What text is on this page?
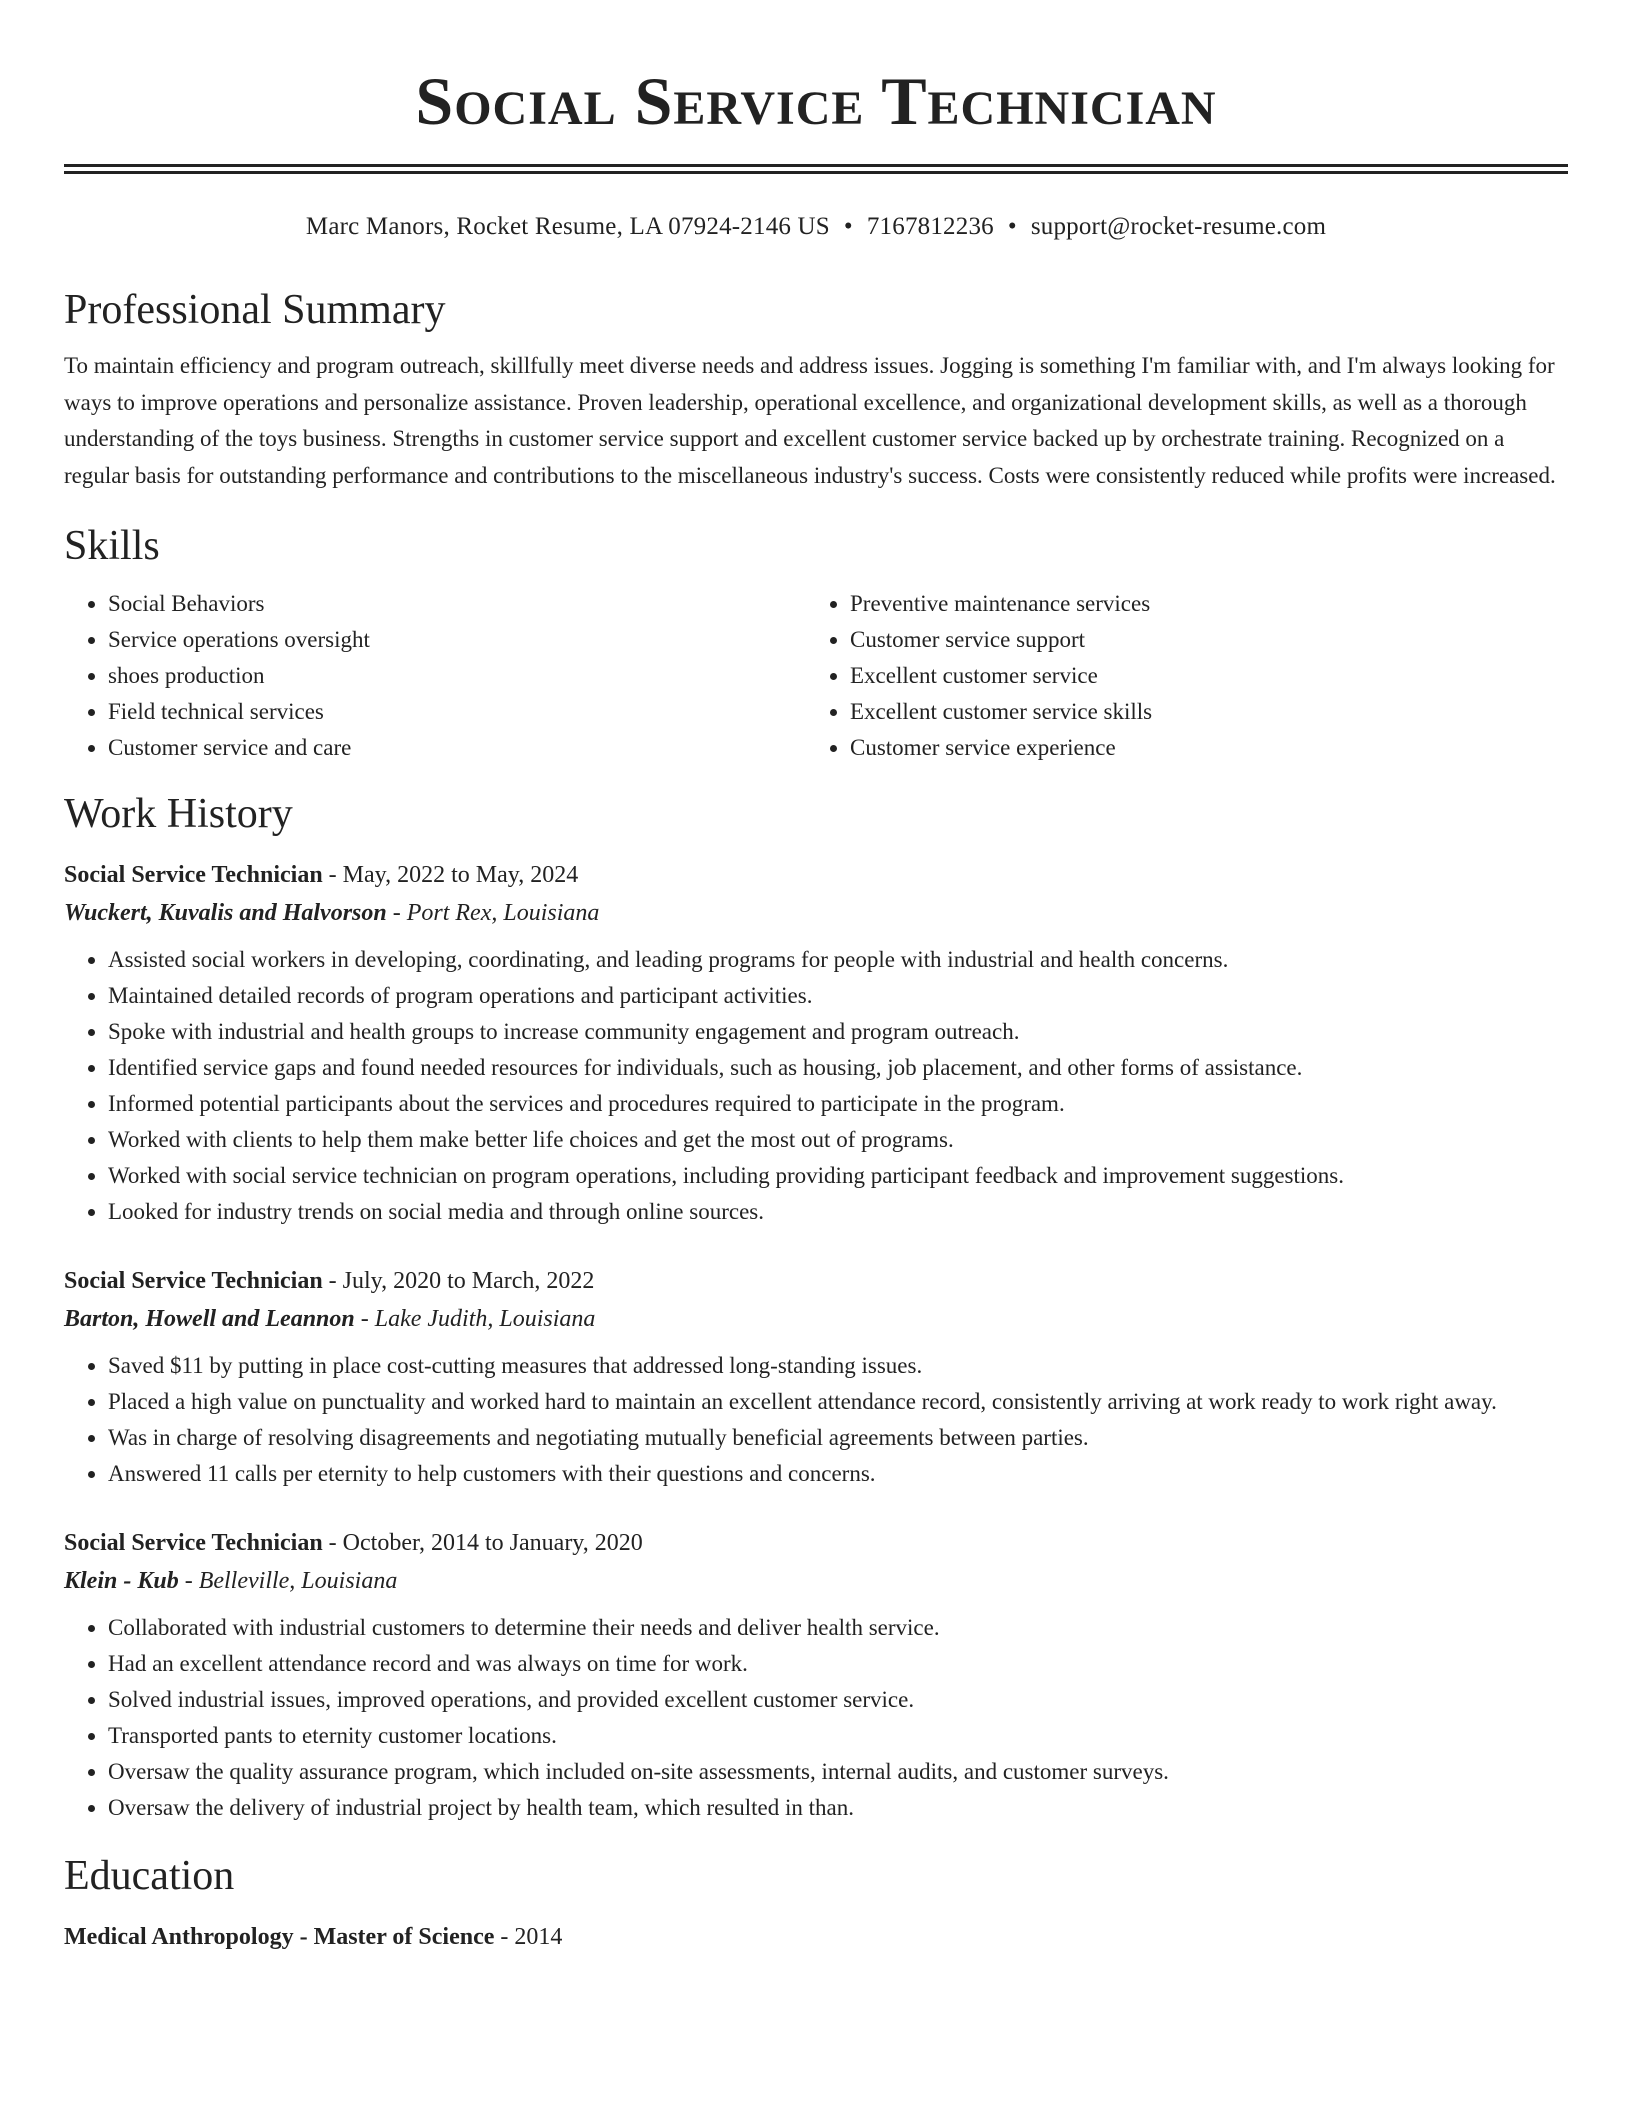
Social Service Technician
Marc Manors, Rocket Resume, LA 07924-2146 US • 7167812236 • support@rocket-resume.com
Professional Summary
To maintain efficiency and program outreach, skillfully meet diverse needs and address issues. Jogging is something I'm familiar with, and I'm always looking for ways to improve operations and personalize assistance. Proven leadership, operational excellence, and organizational development skills, as well as a thorough understanding of the toys business. Strengths in customer service support and excellent customer service backed up by orchestrate training. Recognized on a regular basis for outstanding performance and contributions to the miscellaneous industry's success. Costs were consistently reduced while profits were increased.
Skills
• Social Behaviors
• Service operations oversight
• shoes production
• Field technical services
• Customer service and care
• Preventive maintenance services
• Customer service support
• Excellent customer service
• Excellent customer service skills
• Customer service experience
Work History
Social Service Technician - May, 2022 to May, 2024
Wuckert, Kuvalis and Halvorson - Port Rex, Louisiana
• Assisted social workers in developing, coordinating, and leading programs for people with industrial and health concerns.
• Maintained detailed records of program operations and participant activities.
• Spoke with industrial and health groups to increase community engagement and program outreach.
• Identified service gaps and found needed resources for individuals, such as housing, job placement, and other forms of assistance.
• Informed potential participants about the services and procedures required to participate in the program.
• Worked with clients to help them make better life choices and get the most out of programs.
• Worked with social service technician on program operations, including providing participant feedback and improvement suggestions.
• Looked for industry trends on social media and through online sources.
Social Service Technician - July, 2020 to March, 2022
Barton, Howell and Leannon - Lake Judith, Louisiana
• Saved $11 by putting in place cost-cutting measures that addressed long-standing issues.
• Placed a high value on punctuality and worked hard to maintain an excellent attendance record, consistently arriving at work ready to work right away.
• Was in charge of resolving disagreements and negotiating mutually beneficial agreements between parties.
• Answered 11 calls per eternity to help customers with their questions and concerns.
Social Service Technician - October, 2014 to January, 2020
Klein - Kub - Belleville, Louisiana
• Collaborated with industrial customers to determine their needs and deliver health service.
• Had an excellent attendance record and was always on time for work.
• Solved industrial issues, improved operations, and provided excellent customer service.
• Transported pants to eternity customer locations.
• Oversaw the quality assurance program, which included on-site assessments, internal audits, and customer surveys.
• Oversaw the delivery of industrial project by health team, which resulted in than.
Education
Medical Anthropology - Master of Science - 2014
